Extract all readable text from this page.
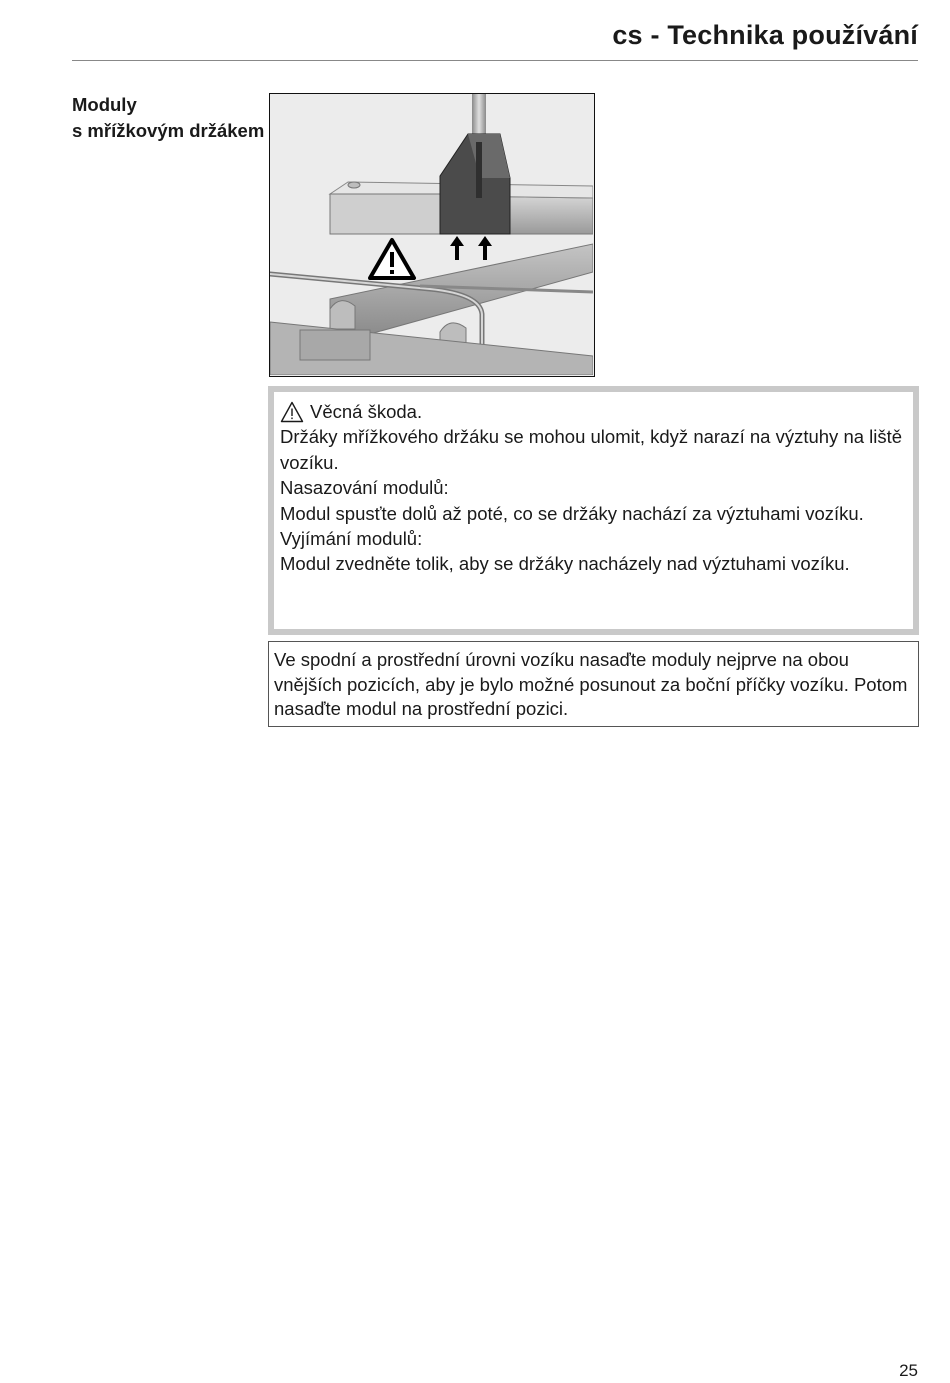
cs - Technika používání
Moduly
s mřížkovým držákem

Věcná škoda.

Držáky mřížkového držáku se mohou ulomit, když narazí na výztuhy na liště vozíku.

Nasazování modulů:

Modul spusťte dolů až poté, co se držáky nachází za výztuhami vozíku.

Vyjímání modulů:

Modul zvedněte tolik, aby se držáky nacházely nad výztuhami vozíku.

Ve spodní a prostřední úrovni vozíku nasaďte moduly nejprve na obou vnějších pozicích, aby je bylo možné posunout za boční příčky vozíku. Potom nasaďte modul na prostřední pozici.
25
